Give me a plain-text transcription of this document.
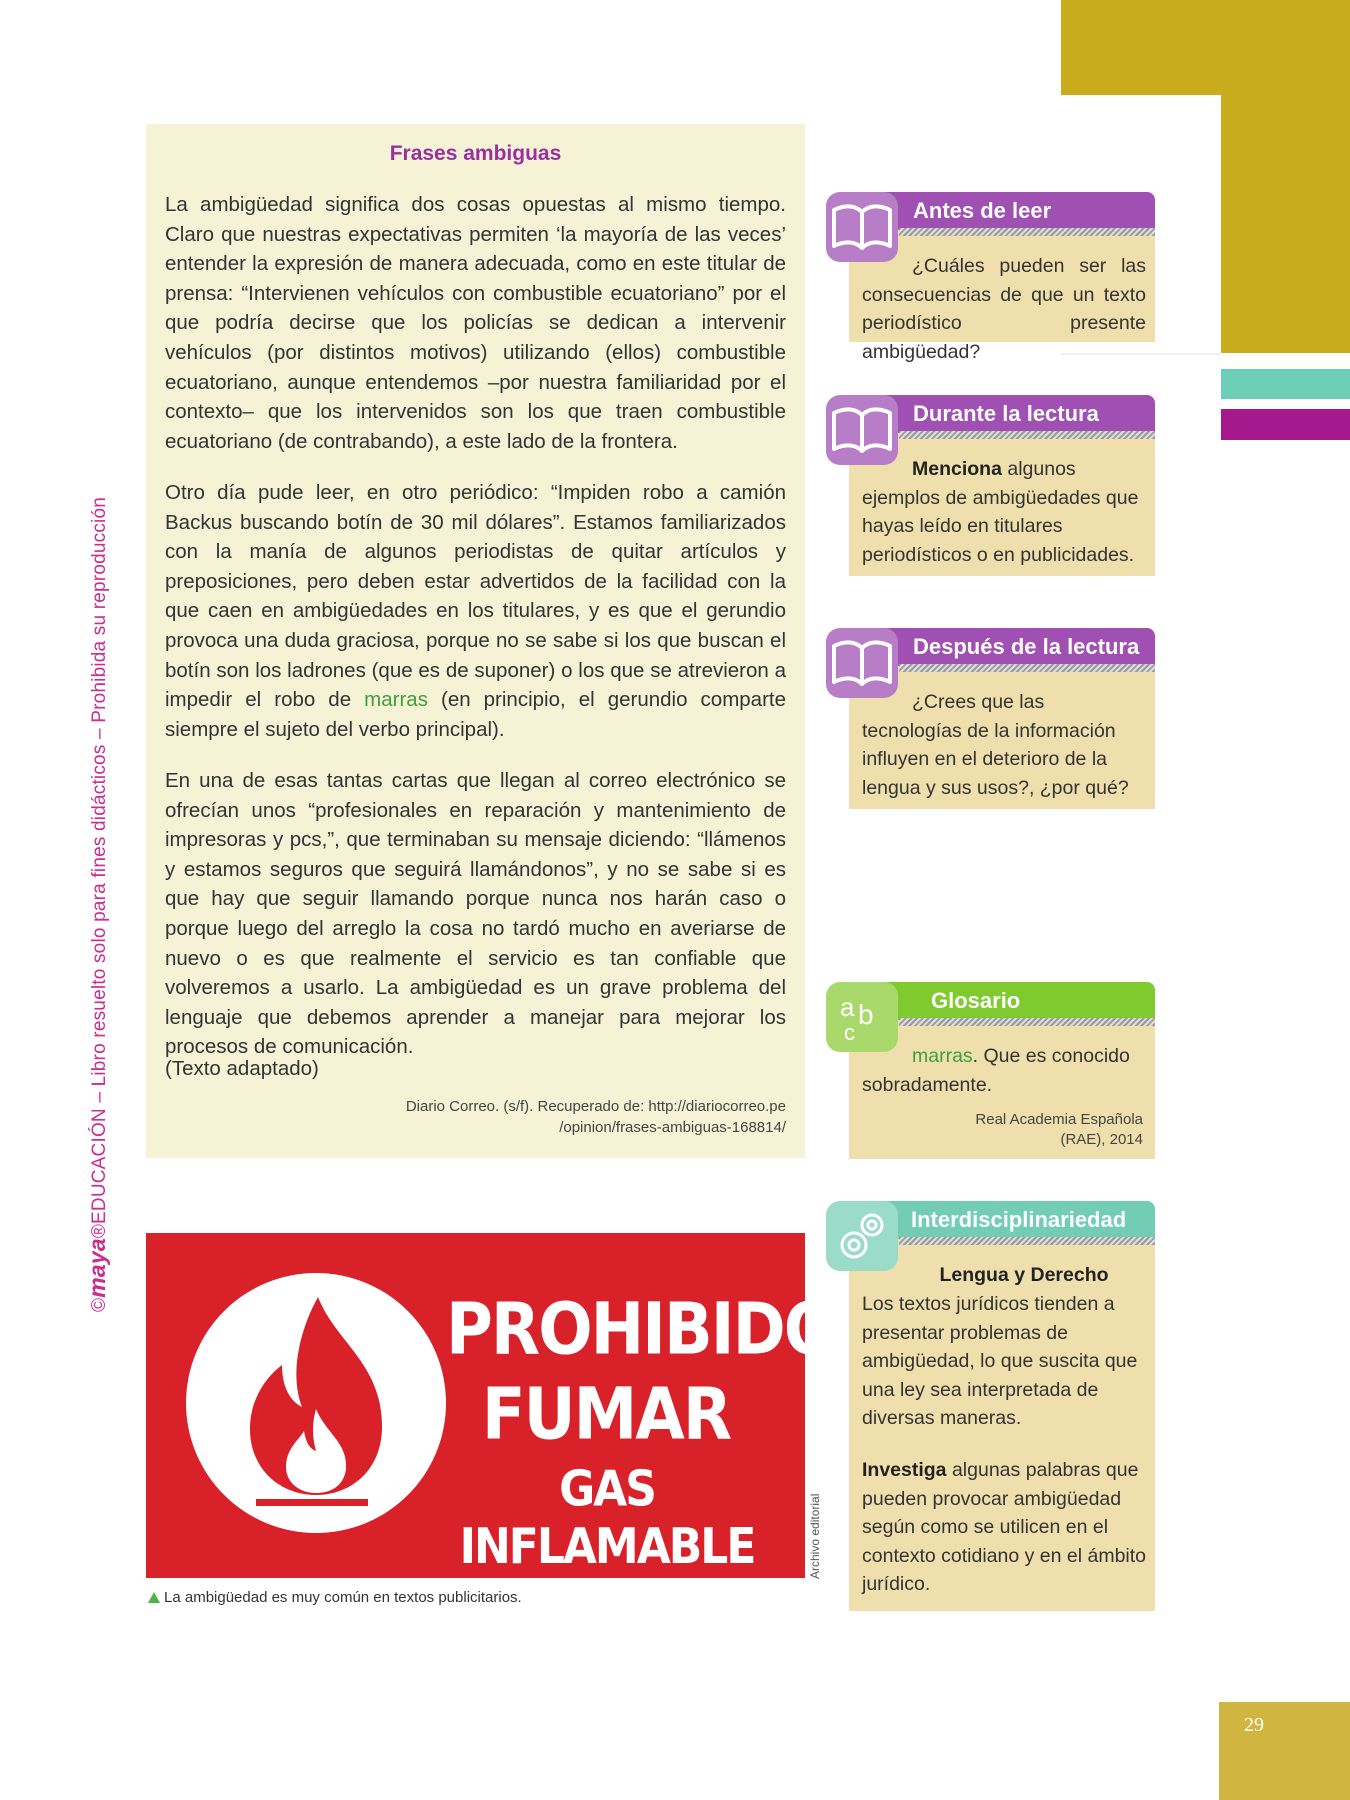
©maya®EDUCACIÓN – Libro resuelto solo para fines didácticos – Prohibida su reproducción
Frases ambiguas

La ambigüedad significa dos cosas opuestas al mismo tiempo. Claro que nuestras expectativas permiten ‘la mayoría de las veces’ entender la expresión de manera adecuada, como en este titular de prensa: “Intervienen vehículos con combustible ecuatoriano” por el que podría decirse que los policías se dedican a intervenir vehículos (por distintos motivos) utilizando (ellos) combustible ecuatoriano, aunque entendemos –por nuestra familiaridad por el contexto– que los intervenidos son los que traen combustible ecuatoriano (de contrabando), a este lado de la frontera.

Otro día pude leer, en otro periódico: “Impiden robo a camión Backus buscando botín de 30 mil dólares”. Estamos familiarizados con la manía de algunos periodistas de quitar artículos y preposiciones, pero deben estar advertidos de la facilidad con la que caen en ambigüedades en los titulares, y es que el gerundio provoca una duda graciosa, porque no se sabe si los que buscan el botín son los ladrones (que es de suponer) o los que se atrevieron a impedir el robo de marras (en principio, el gerundio comparte siempre el sujeto del verbo principal).

En una de esas tantas cartas que llegan al correo electrónico se ofrecían unos “profesionales en reparación y mantenimiento de impresoras y pcs,”, que terminaban su mensaje diciendo: “llámenos y estamos seguros que seguirá llamándonos”, y no se sabe si es que hay que seguir llamando porque nunca nos harán caso o porque luego del arreglo la cosa no tardó mucho en averiarse de nuevo o es que realmente el servicio es tan confiable que volveremos a usarlo. La ambigüedad es un grave problema del lenguaje que debemos aprender a manejar para mejorar los procesos de comunicación.

(Texto adaptado)

Diario Correo. (s/f). Recuperado de: http://diariocorreo.pe
/opinion/frases-ambiguas-168814/
PROHIBIDO
FUMAR
GAS INFLAMABLE	Archivo editorial
La ambigüedad es muy común en textos publicitarios.
Antes de leer
¿Cuáles pueden ser las consecuencias de que un texto periodístico presente ambigüedad?
Durante la lectura
Menciona algunos ejemplos de ambigüedades que hayas leído en titulares periodísticos o en publicidades.
Después de la lectura
¿Crees que las tecnologías de la información influyen en el deterioro de la lengua y sus usos?, ¿por qué?
Glosario
a b
c
marras. Que es conocido sobradamente.
Real Academia Española
(RAE), 2014
Interdisciplinariedad
Lengua y Derecho
Los textos jurídicos tienden a presentar problemas de ambigüedad, lo que suscita que una ley sea interpretada de diversas maneras.
Investiga algunas palabras que pueden provocar ambigüedad según como se utilicen en el contexto cotidiano y en el ámbito jurídico.
29
